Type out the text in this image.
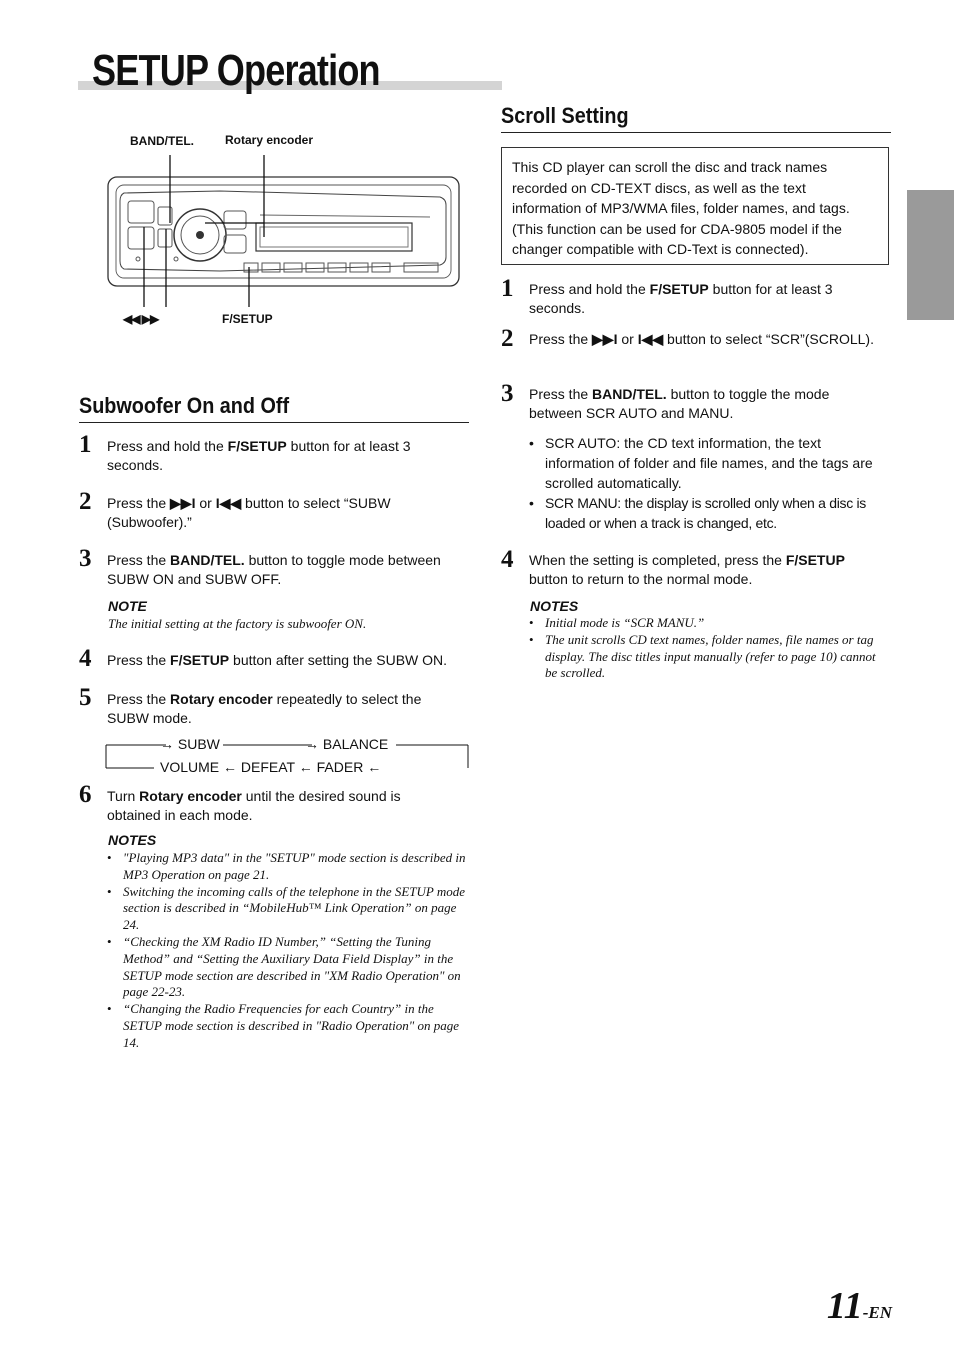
SETUP Operation
BAND/TEL.	Rotary encoder
◀◀ ▶▶	F/SETUP
Subwoofer On and Off
1 Press and hold the F/SETUP button for at least 3 seconds.
2 Press the ▶▶I or I◀◀ button to select “SUBW (Subwoofer).”
3 Press the BAND/TEL. button to toggle mode between SUBW ON and SUBW OFF.
NOTE
The initial setting at the factory is subwoofer ON.
4 Press the F/SETUP button after setting the SUBW ON.
5 Press the Rotary encoder repeatedly to select the SUBW mode.
→ SUBW	→ BALANCE
VOLUME ← DEFEAT ← FADER ←
6 Turn Rotary encoder until the desired sound is obtained in each mode.
NOTES
• "Playing MP3 data" in the "SETUP" mode section is described in MP3 Operation on page 21.
• Switching the incoming calls of the telephone in the SETUP mode section is described in “MobileHub™ Link Operation” on page 24.
• “Checking the XM Radio ID Number,” “Setting the Tuning Method” and “Setting the Auxiliary Data Field Display” in the SETUP mode section are described in "XM Radio Operation" on page 22-23.
• “Changing the Radio Frequencies for each Country” in the SETUP mode section is described in "Radio Operation" on page 14.
Scroll Setting
This CD player can scroll the disc and track names recorded on CD-TEXT discs, as well as the text information of MP3/WMA files, folder names, and tags. (This function can be used for CDA-9805 model if the changer compatible with CD-Text is connected).
1 Press and hold the F/SETUP button for at least 3 seconds.
2 Press the ▶▶I or I◀◀ button to select “SCR”(SCROLL).
3 Press the BAND/TEL. button to toggle the mode between SCR AUTO and MANU.
• SCR AUTO: the CD text information, the text information of folder and file names, and the tags are scrolled automatically.
• SCR MANU: the display is scrolled only when a disc is loaded or when a track is changed, etc.
4 When the setting is completed, press the F/SETUP button to return to the normal mode.
NOTES
• Initial mode is “SCR MANU.”
• The unit scrolls CD text names, folder names, file names or tag display. The disc titles input manually (refer to page 10) cannot be scrolled.
11-EN
